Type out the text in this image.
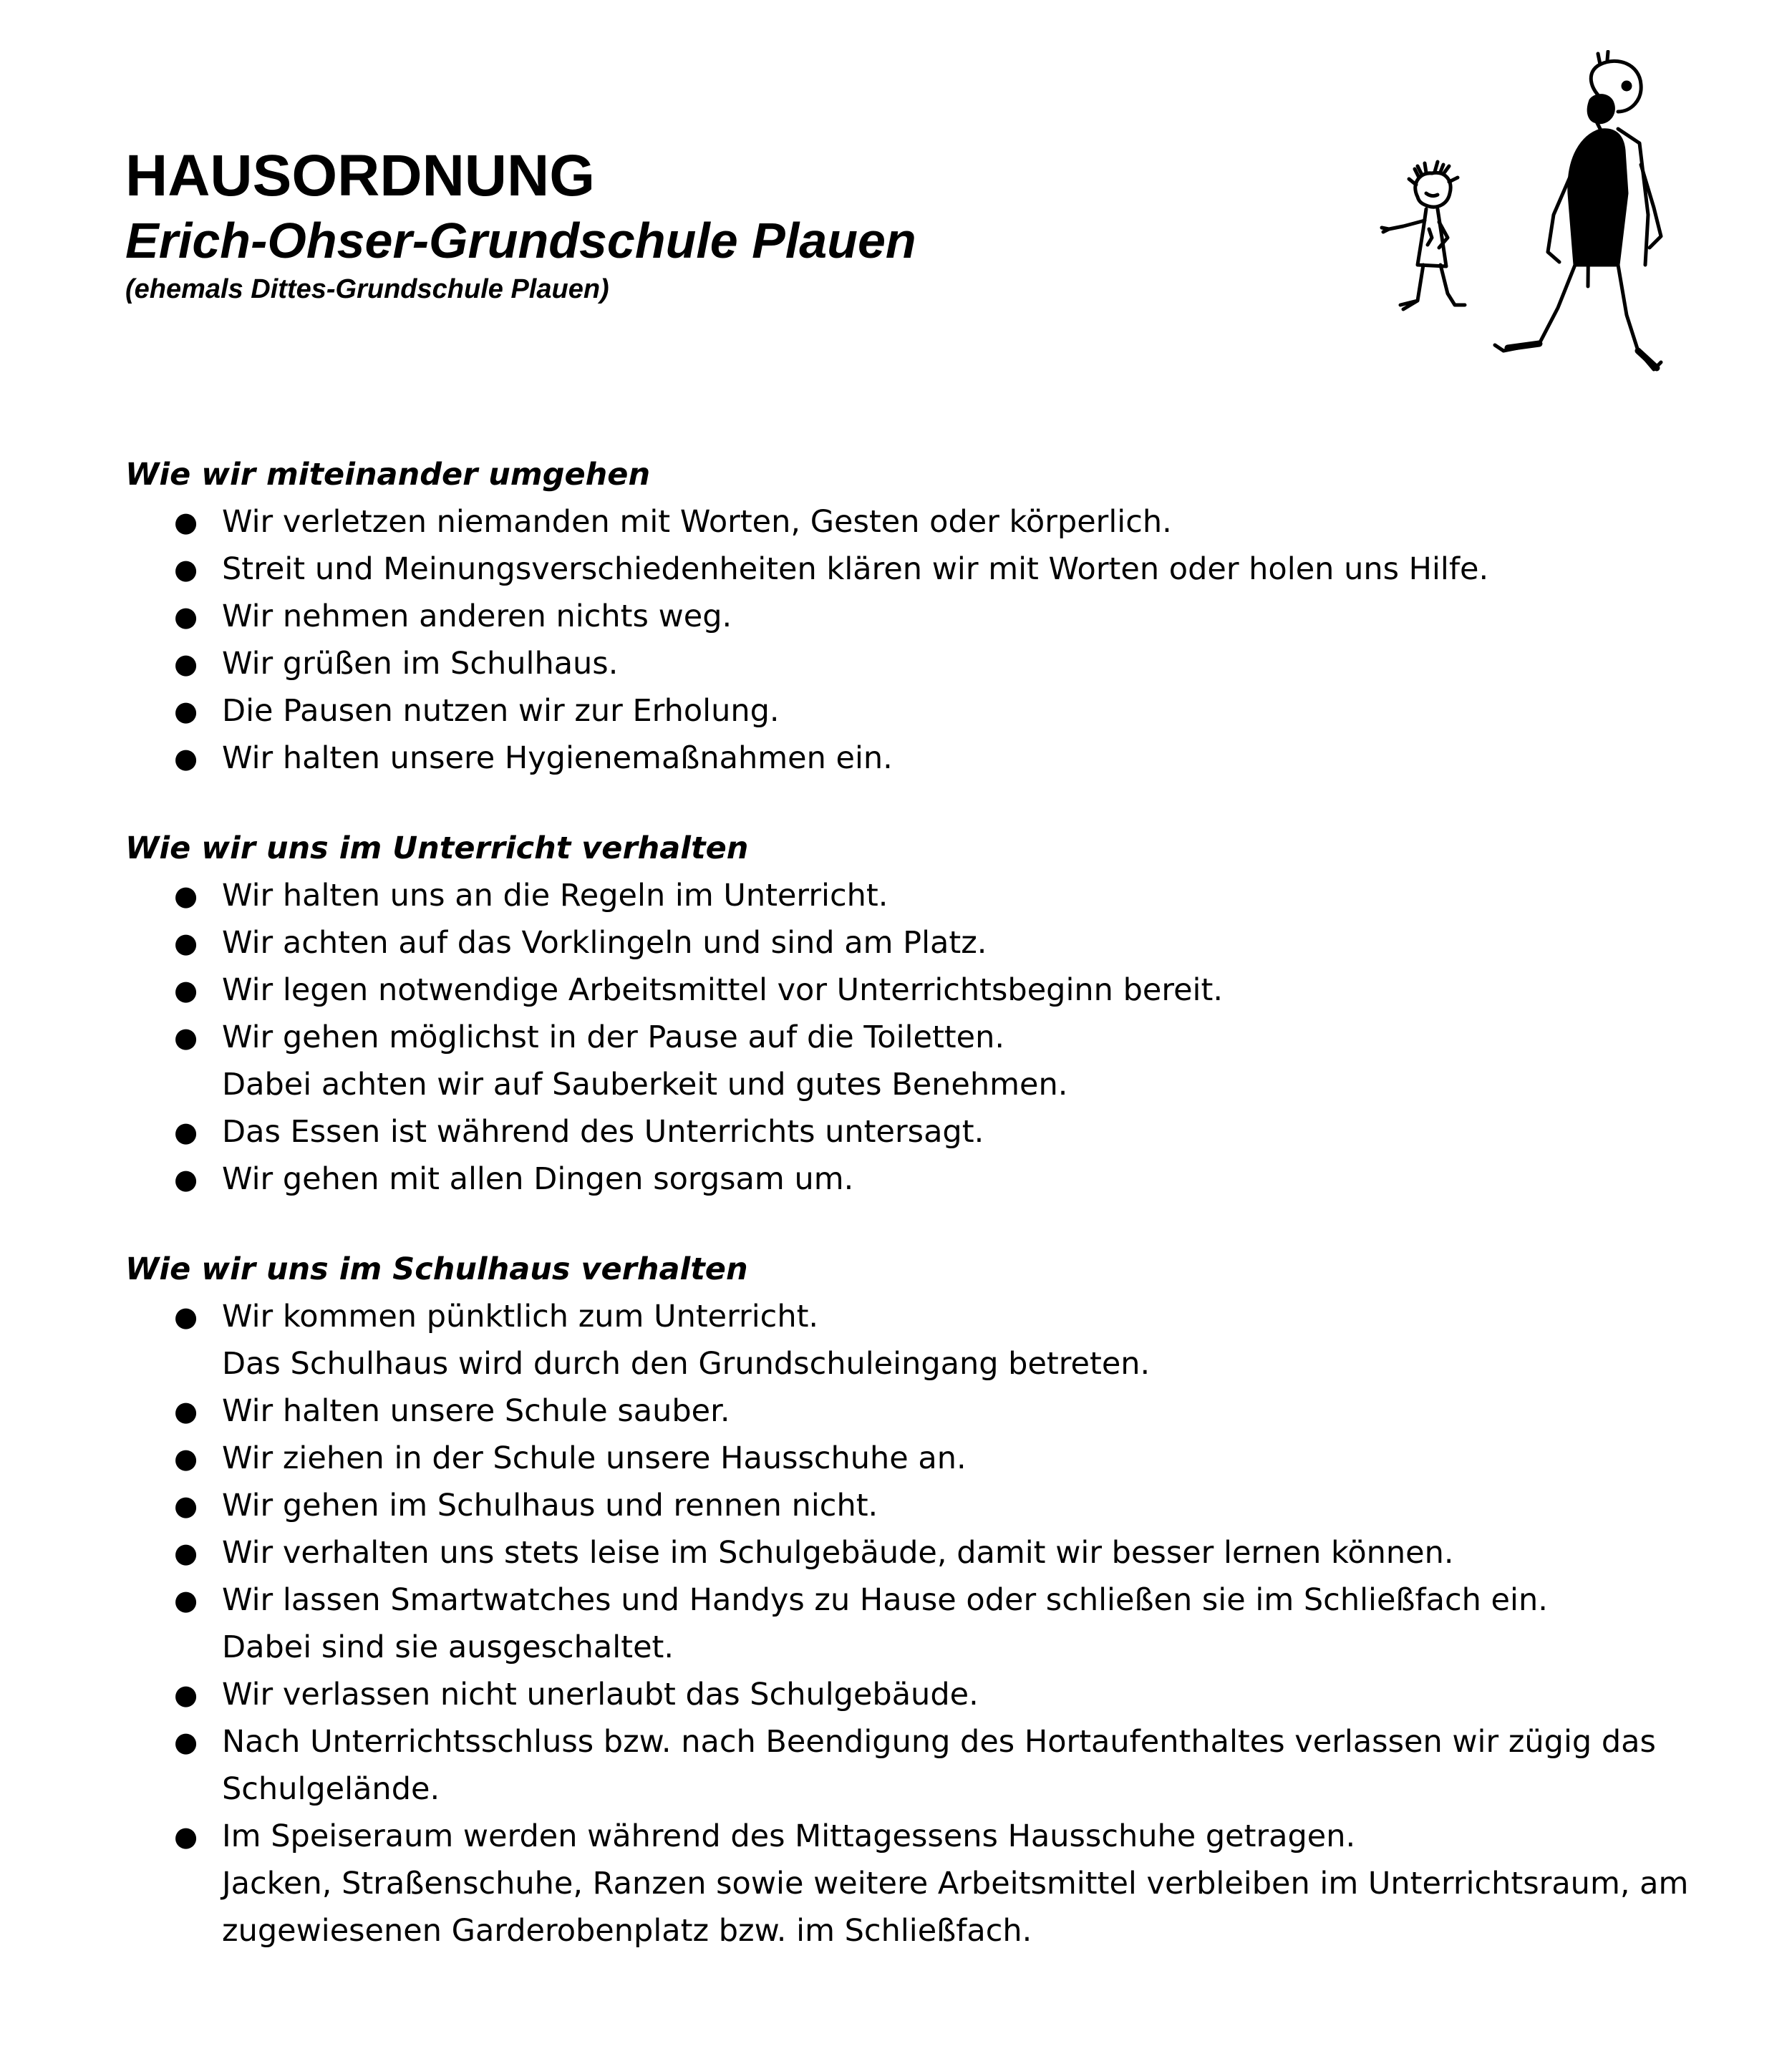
HAUSORDNUNG
Erich-Ohser-Grundschule Plauen
(ehemals Dittes-Grundschule Plauen)
Wie wir miteinander umgehen
● Wir verletzen niemanden mit Worten, Gesten oder körperlich.
● Streit und Meinungsverschiedenheiten klären wir mit Worten oder holen uns Hilfe.
● Wir nehmen anderen nichts weg.
● Wir grüßen im Schulhaus.
● Die Pausen nutzen wir zur Erholung.
● Wir halten unsere Hygienemaßnahmen ein.
Wie wir uns im Unterricht verhalten
● Wir halten uns an die Regeln im Unterricht.
● Wir achten auf das Vorklingeln und sind am Platz.
● Wir legen notwendige Arbeitsmittel vor Unterrichtsbeginn bereit.
● Wir gehen möglichst in der Pause auf die Toiletten.
Dabei achten wir auf Sauberkeit und gutes Benehmen.
● Das Essen ist während des Unterrichts untersagt.
● Wir gehen mit allen Dingen sorgsam um.
Wie wir uns im Schulhaus verhalten
● Wir kommen pünktlich zum Unterricht.
Das Schulhaus wird durch den Grundschuleingang betreten.
● Wir halten unsere Schule sauber.
● Wir ziehen in der Schule unsere Hausschuhe an.
● Wir gehen im Schulhaus und rennen nicht.
● Wir verhalten uns stets leise im Schulgebäude, damit wir besser lernen können.
● Wir lassen Smartwatches und Handys zu Hause oder schließen sie im Schließfach ein.
Dabei sind sie ausgeschaltet.
● Wir verlassen nicht unerlaubt das Schulgebäude.
● Nach Unterrichtsschluss bzw. nach Beendigung des Hortaufenthaltes verlassen wir zügig das
Schulgelände.
● Im Speiseraum werden während des Mittagessens Hausschuhe getragen.
Jacken, Straßenschuhe, Ranzen sowie weitere Arbeitsmittel verbleiben im Unterrichtsraum, am
zugewiesenen Garderobenplatz bzw. im Schließfach.
